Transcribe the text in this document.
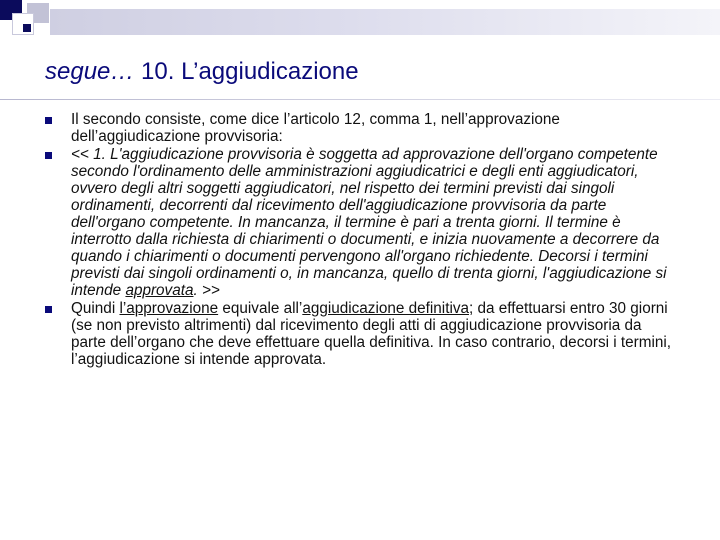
segue… 10. L’aggiudicazione
Il secondo consiste, come dice l’articolo 12, comma 1, nell’approvazione dell’aggiudicazione provvisoria:
<< 1. L'aggiudicazione provvisoria è soggetta ad approvazione dell'organo competente secondo l'ordinamento delle amministrazioni aggiudicatrici e degli enti aggiudicatori, ovvero degli altri soggetti aggiudicatori, nel rispetto dei termini previsti dai singoli ordinamenti, decorrenti dal ricevimento dell'aggiudicazione provvisoria da parte dell'organo competente. In mancanza, il termine è pari a trenta giorni. Il termine è interrotto dalla richiesta di chiarimenti o documenti, e inizia nuovamente a decorrere da quando i chiarimenti o documenti pervengono all'organo richiedente. Decorsi i termini previsti dai singoli ordinamenti o, in mancanza, quello di trenta giorni, l'aggiudicazione si intende approvata. >>
Quindi l’approvazione equivale all’aggiudicazione definitiva; da effettuarsi entro 30 giorni (se non previsto altrimenti) dal ricevimento degli atti di aggiudicazione provvisoria da parte dell’organo che deve effettuare quella definitiva. In caso contrario, decorsi i termini, l’aggiudicazione si intende approvata.
